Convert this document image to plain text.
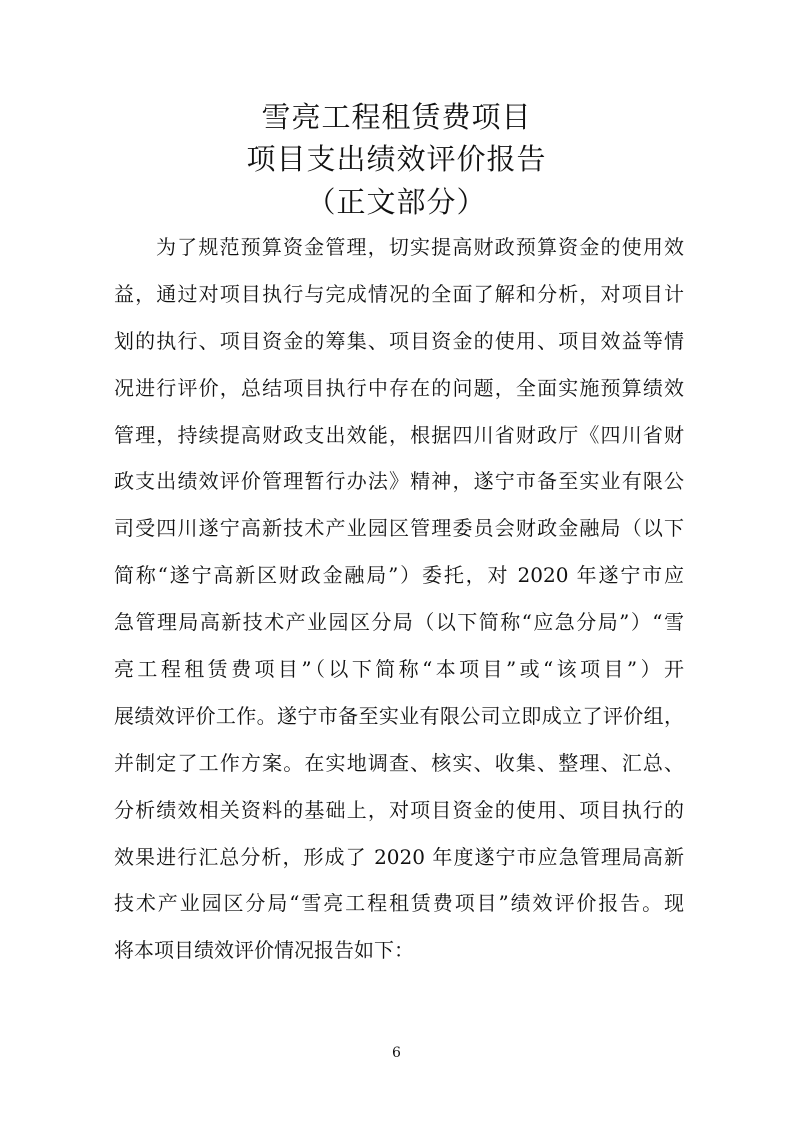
雪亮工程租赁费项目
项目支出绩效评价报告
（正文部分）
为了规范预算资金管理，切实提高财政预算资金的使用效
益，通过对项目执行与完成情况的全面了解和分析，对项目计
划的执行、项目资金的筹集、项目资金的使用、项目效益等情
况进行评价，总结项目执行中存在的问题，全面实施预算绩效
管理，持续提高财政支出效能，根据四川省财政厅《四川省财
政支出绩效评价管理暂行办法》精神，遂宁市备至实业有限公
司受四川遂宁高新技术产业园区管理委员会财政金融局（以下
简称“遂宁高新区财政金融局”）委托，对 2020 年遂宁市应
急管理局高新技术产业园区分局（以下简称“应急分局”）“雪
亮工程租赁费项目”（以下简称“本项目”或“该项目”）开
展绩效评价工作。遂宁市备至实业有限公司立即成立了评价组，
并制定了工作方案。在实地调查、核实、收集、整理、汇总、
分析绩效相关资料的基础上，对项目资金的使用、项目执行的
效果进行汇总分析，形成了 2020 年度遂宁市应急管理局高新
技术产业园区分局“雪亮工程租赁费项目”绩效评价报告。现
将本项目绩效评价情况报告如下：
6
